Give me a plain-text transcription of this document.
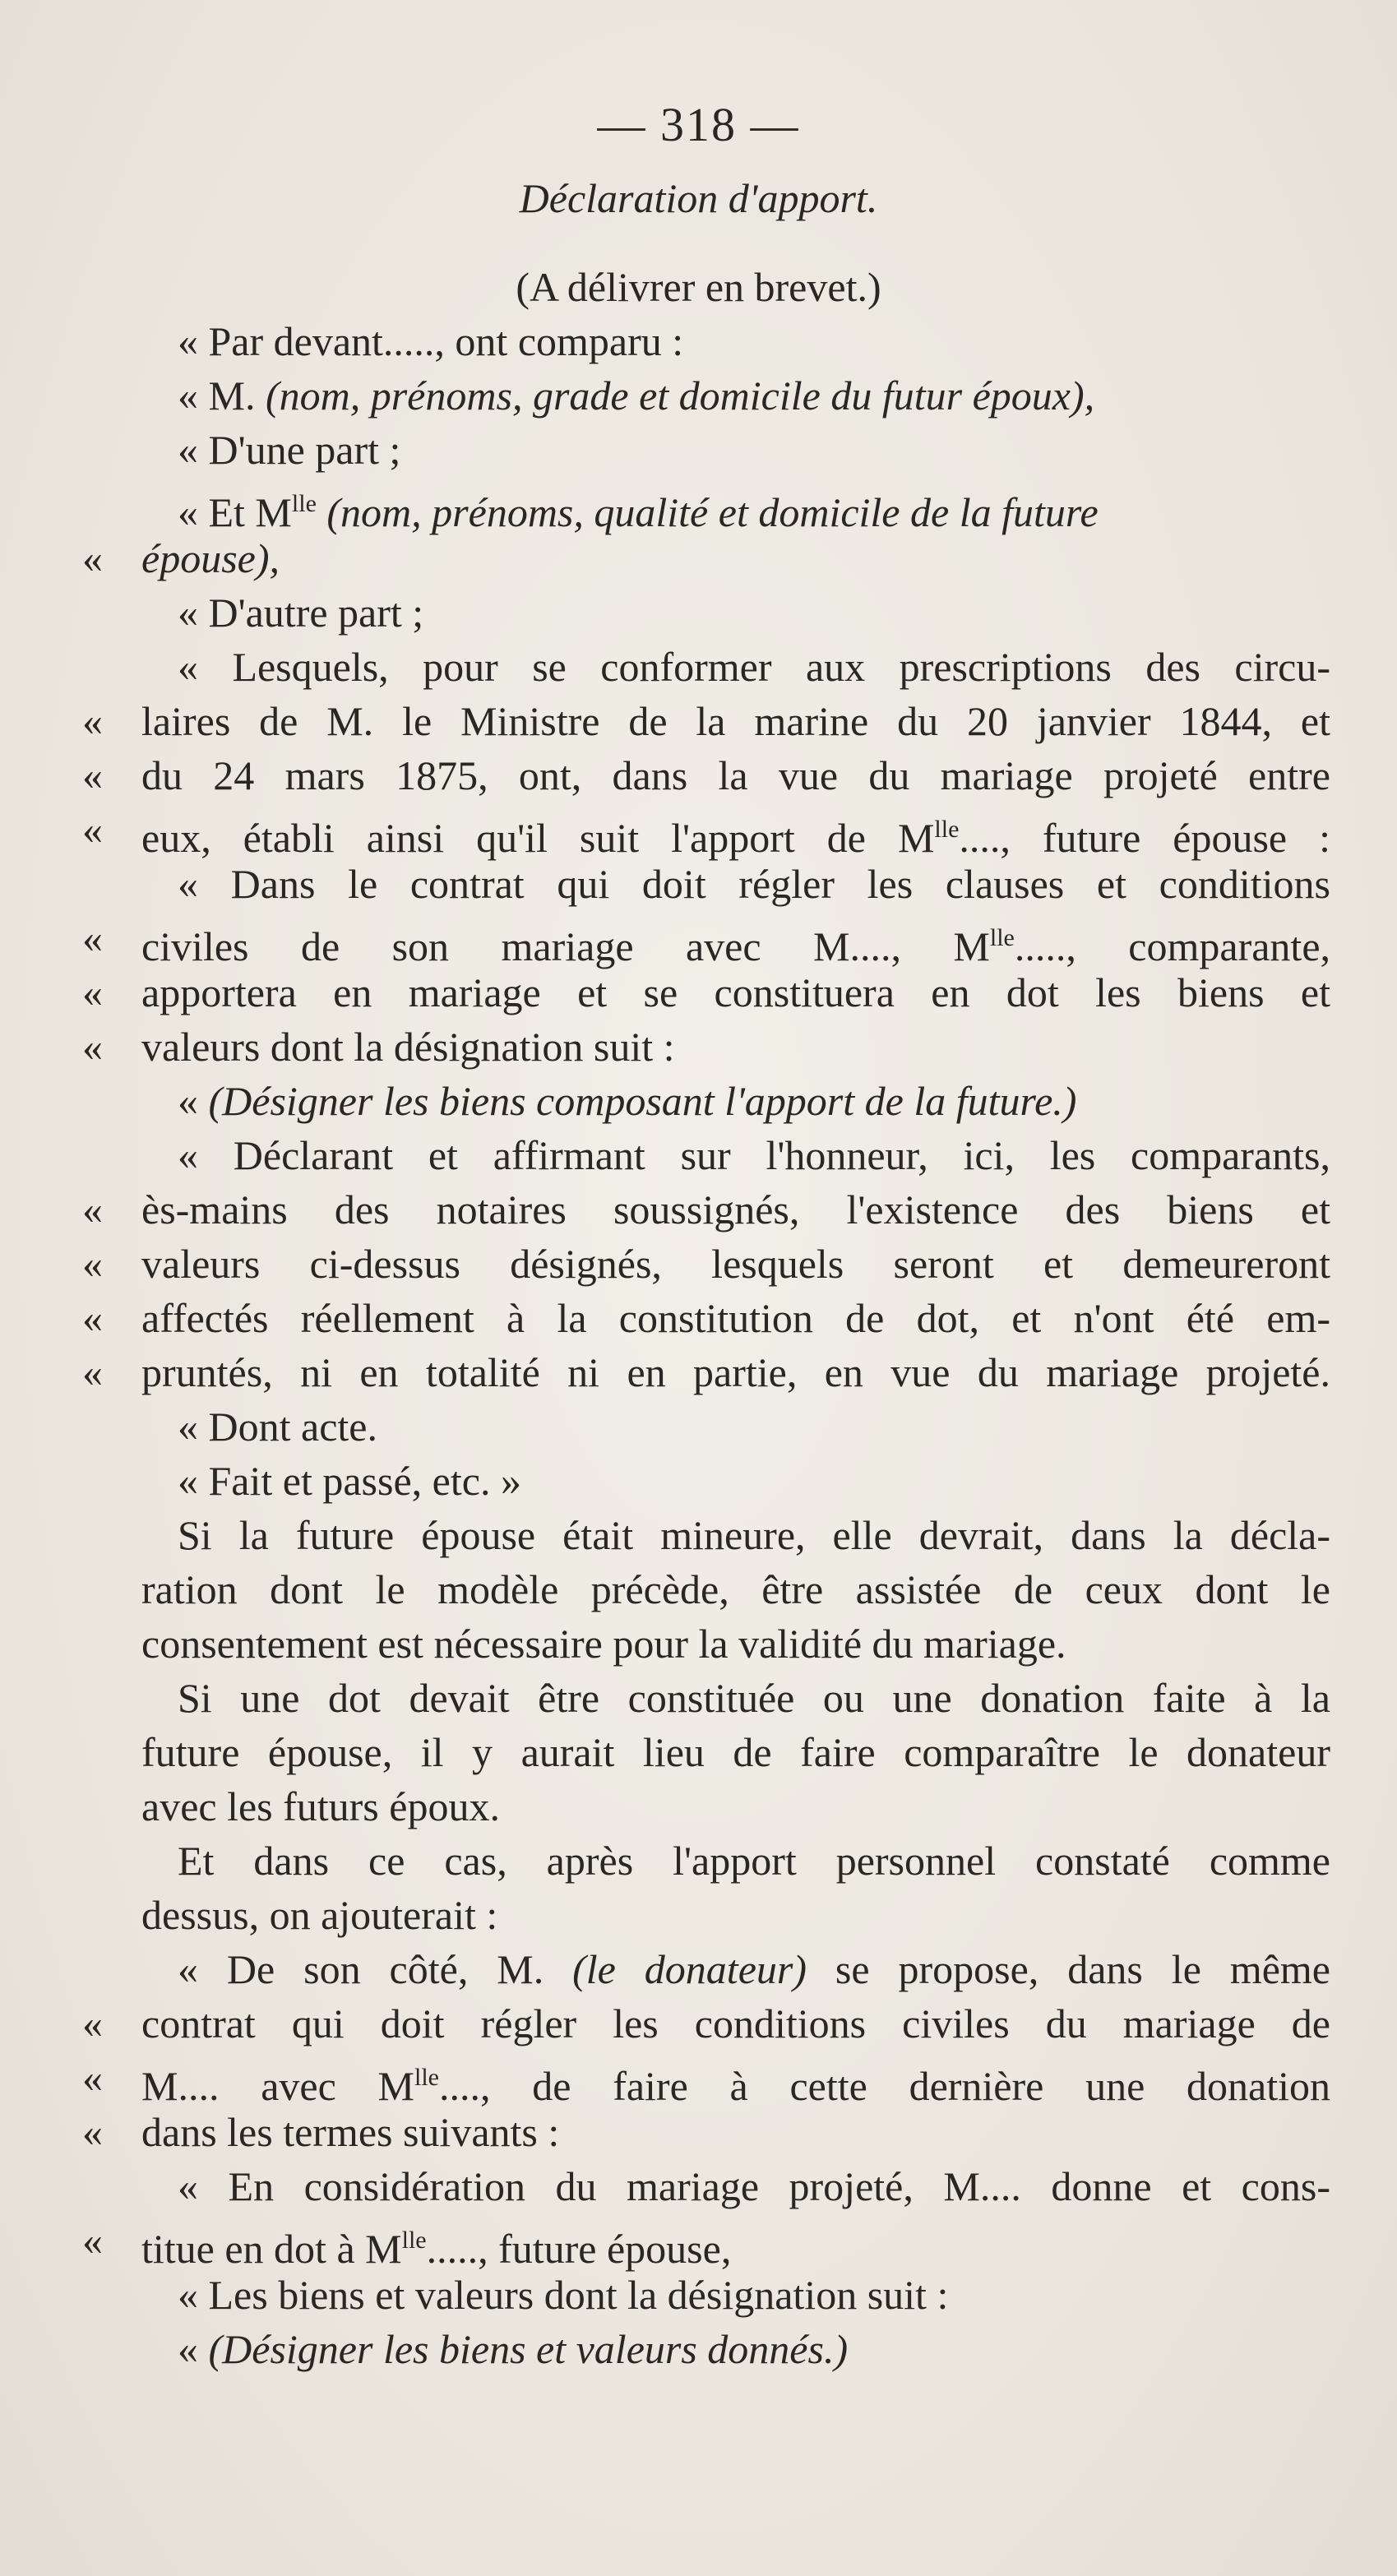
— 318 —
Déclaration d'apport.
(A délivrer en brevet.)
« Par devant....., ont comparu :
« M. (nom, prénoms, grade et domicile du futur époux),
« D'une part ;
« Et $M^{lle}$ (nom, prénoms, qualité et domicile de la future
« épouse),
« D'autre part ;
« Lesquels, pour se conformer aux prescriptions des circu-
« laires de M. le Ministre de la marine du 20 janvier 1844, et
« du 24 mars 1875, ont, dans la vue du mariage projeté entre
« eux, établi ainsi qu'il suit l'apport de $M^{lle}$...., future épouse :
« Dans le contrat qui doit régler les clauses et conditions
« civiles de son mariage avec M...., $M^{lle}$....., comparante,
« apportera en mariage et se constituera en dot les biens et
« valeurs dont la désignation suit :
« (Désigner les biens composant l'apport de la future.)
« Déclarant et affirmant sur l'honneur, ici, les comparants,
« ès-mains des notaires soussignés, l'existence des biens et
« valeurs ci-dessus désignés, lesquels seront et demeureront
« affectés réellement à la constitution de dot, et n'ont été em-
« pruntés, ni en totalité ni en partie, en vue du mariage projeté.
« Dont acte.
« Fait et passé, etc. »
Si la future épouse était mineure, elle devrait, dans la décla-
ration dont le modèle précède, être assistée de ceux dont le
consentement est nécessaire pour la validité du mariage.
Si une dot devait être constituée ou une donation faite à la
future épouse, il y aurait lieu de faire comparaître le donateur
avec les futurs époux.
Et dans ce cas, après l'apport personnel constaté comme
dessus, on ajouterait :
« De son côté, M. (le donateur) se propose, dans le même
« contrat qui doit régler les conditions civiles du mariage de
« M.... avec $M^{lle}$...., de faire à cette dernière une donation
« dans les termes suivants :
« En considération du mariage projeté, M.... donne et cons-
« titue en dot à $M^{lle}$....., future épouse,
« Les biens et valeurs dont la désignation suit :
« (Désigner les biens et valeurs donnés.)
